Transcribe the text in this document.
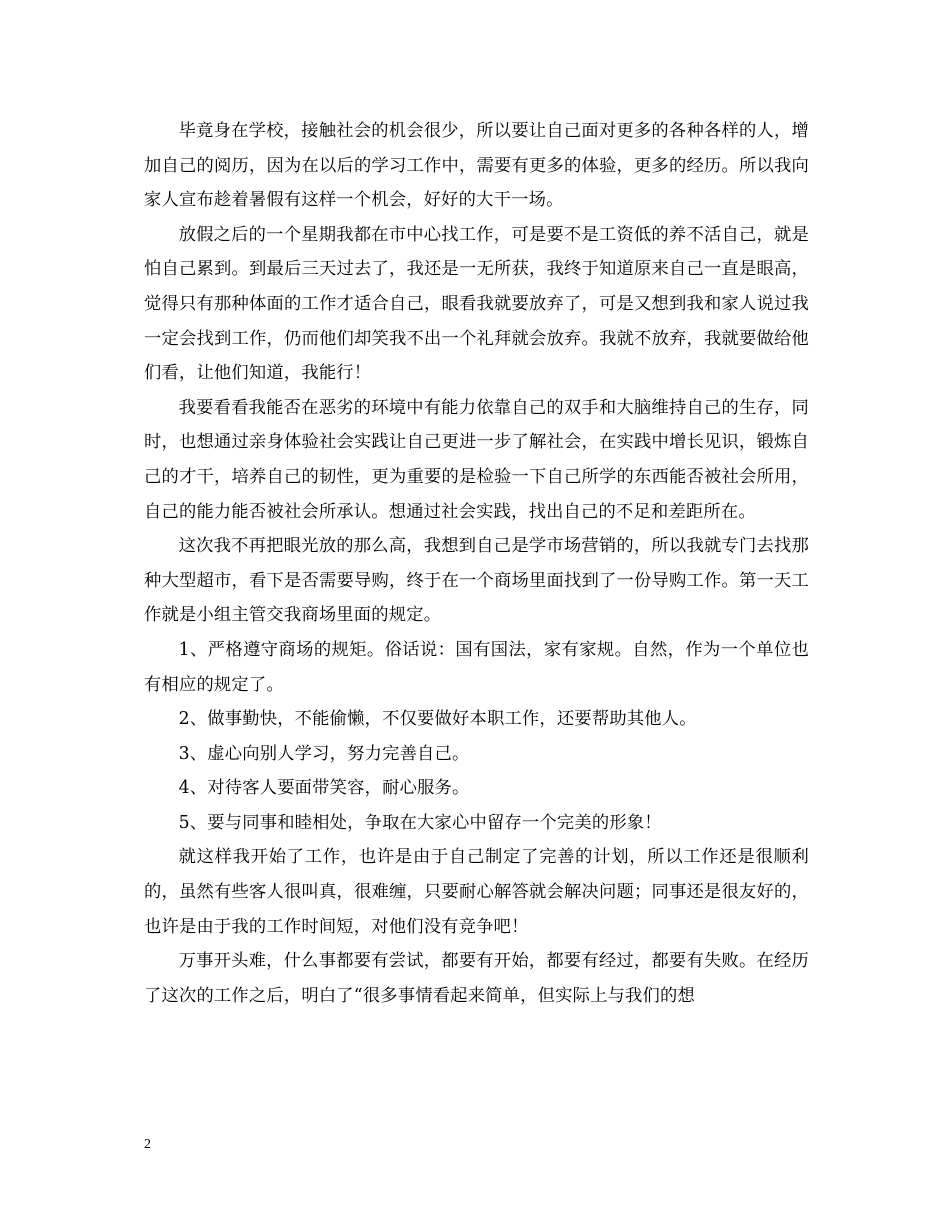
毕竟身在学校，接触社会的机会很少，所以要让自己面对更多的各种各样的人，增加自己的阅历，因为在以后的学习工作中，需要有更多的体验，更多的经历。所以我向家人宣布趁着暑假有这样一个机会，好好的大干一场。

放假之后的一个星期我都在市中心找工作，可是要不是工资低的养不活自己，就是怕自己累到。到最后三天过去了，我还是一无所获，我终于知道原来自己一直是眼高，觉得只有那种体面的工作才适合自己，眼看我就要放弃了，可是又想到我和家人说过我一定会找到工作，仍而他们却笑我不出一个礼拜就会放弃。我就不放弃，我就要做给他们看，让他们知道，我能行！

我要看看我能否在恶劣的环境中有能力依靠自己的双手和大脑维持自己的生存，同时，也想通过亲身体验社会实践让自己更进一步了解社会，在实践中增长见识，锻炼自己的才干，培养自己的韧性，更为重要的是检验一下自己所学的东西能否被社会所用，自己的能力能否被社会所承认。想通过社会实践，找出自己的不足和差距所在。

这次我不再把眼光放的那么高，我想到自己是学市场营销的，所以我就专门去找那种大型超市，看下是否需要导购，终于在一个商场里面找到了一份导购工作。第一天工作就是小组主管交我商场里面的规定。

1、严格遵守商场的规矩。俗话说：国有国法，家有家规。自然，作为一个单位也有相应的规定了。

2、做事勤快，不能偷懒，不仅要做好本职工作，还要帮助其他人。

3、虚心向别人学习，努力完善自己。

4、对待客人要面带笑容，耐心服务。

5、要与同事和睦相处，争取在大家心中留存一个完美的形象！

就这样我开始了工作，也许是由于自己制定了完善的计划，所以工作还是很顺利的，虽然有些客人很叫真，很难缠，只要耐心解答就会解决问题；同事还是很友好的，也许是由于我的工作时间短，对他们没有竞争吧！

万事开头难，什么事都要有尝试，都要有开始，都要有经过，都要有失败。在经历了这次的工作之后，明白了“很多事情看起来简单，但实际上与我们的想

2
